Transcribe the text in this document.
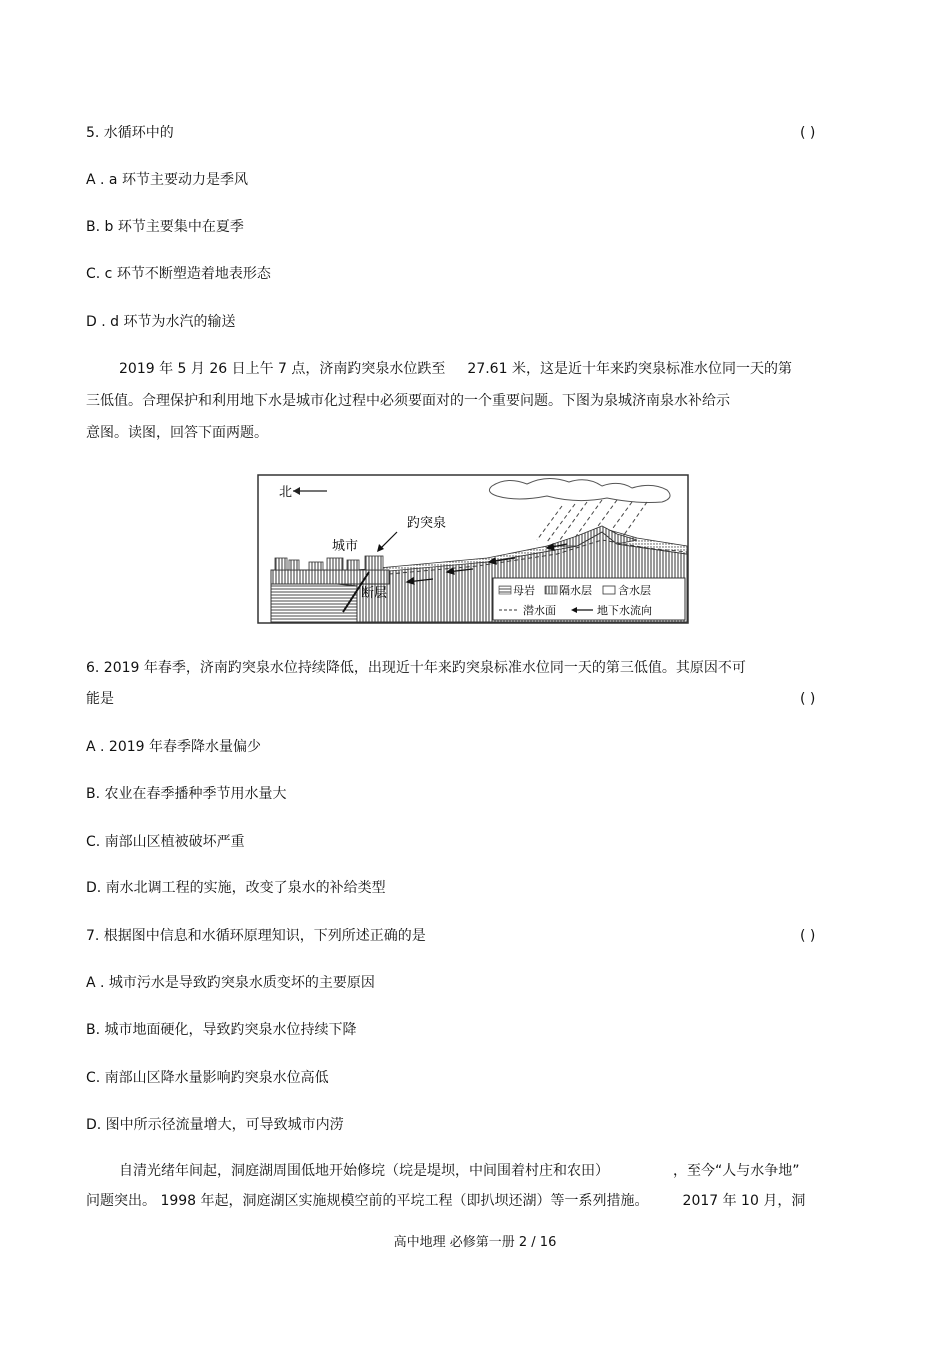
5. 水循环中的	( )
A . a 环节主要动力是季风
B. b 环节主要集中在夏季
C. c 环节不断塑造着地表形态
D . d 环节为水汽的输送
2019 年 5 月 26 日上午 7 点，济南趵突泉水位跌至 27.61 米，这是近十年来趵突泉标准水位同一天的第
三低值。合理保护和利用地下水是城市化过程中必须要面对的一个重要问题。下图为泉城济南泉水补给示
意图。读图，回答下面两题。
北
趵突泉
城市
断层	母岩 隔水层 含水层
潜水面	地下水流向
6. 2019 年春季，济南趵突泉水位持续降低，出现近十年来趵突泉标准水位同一天的第三低值。其原因不可
能是	( )
A . 2019 年春季降水量偏少
B. 农业在春季播种季节用水量大
C. 南部山区植被破坏严重
D. 南水北调工程的实施，改变了泉水的补给类型
7. 根据图中信息和水循环原理知识，下列所述正确的是	( )
A . 城市污水是导致趵突泉水质变坏的主要原因
B. 城市地面硬化，导致趵突泉水位持续下降
C. 南部山区降水量影响趵突泉水位高低
D. 图中所示径流量增大，可导致城市内涝
自清光绪年间起，洞庭湖周围低地开始修垸（垸是堤坝，中间围着村庄和农田）	，至今“人与水争地”
问题突出。 1998 年起，洞庭湖区实施规模空前的平垸工程（即扒坝还湖）等一系列措施。 2017 年 10 月，洞
高中地理 必修第一册 2 / 16
